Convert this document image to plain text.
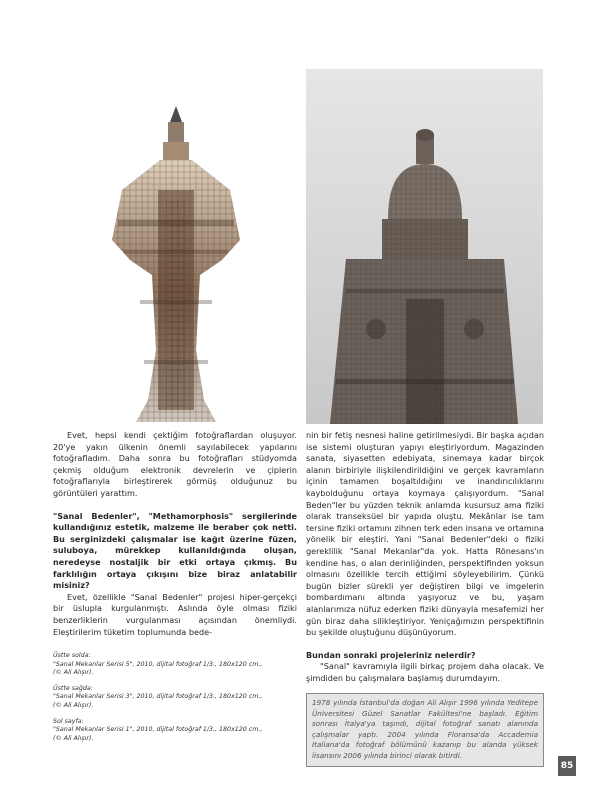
Evet, hepsi kendi çektiğim fotoğraflardan oluşuyor. 20'ye yakın ülkenin önemli sayılabilecek yapılarını fotoğrafladım. Daha sonra bu fotoğrafları stüdyomda çekmiş olduğum elektronik devrelerin ve çiplerin fotoğraflarıyla birleştirerek görmüş olduğunuz bu görüntüleri yarattım.

"Sanal Bedenler", "Methamorphosis" sergilerinde kullandığınız estetik, malzeme ile beraber çok netti. Bu serginizdeki çalışmalar ise kağıt üzerine füzen, suluboya, mürekkep kullanıldığında oluşan, neredeyse nostaljik bir etki ortaya çıkmış. Bu farklılığın ortaya çıkışını bize biraz anlatabilir misiniz?

Evet, özellikle "Sanal Bedenler" projesi hiper-gerçekçi bir üslupla kurgulanmıştı. Aslında öyle olması fiziki benzerliklerin vurgulanması açısından önemliydi. Eleştirilerim tüketim toplumunda bede-

Üstte solda:
"Sanal Mekanlar Serisi 5", 2010, dijital fotoğraf 1/3., 180x120 cm.,
(© Ali Alışır).
Üstte sağda:
"Sanal Mekanlar Serisi 3", 2010, dijital fotoğraf 1/3., 180x120 cm.,
(© Ali Alışır).
Sol sayfa:
"Sanal Mekanlar Serisi 1", 2010, dijital fotoğraf 1/3., 180x120 cm.,
(© Ali Alışır).

nin bir fetiş nesnesi haline getirilmesiydi. Bir başka açıdan ise sistemi oluşturan yapıyı eleştiriyordum. Magazinden sanata, siyasetten edebiyata, sinemaya kadar birçok alanın birbiriyle ilişkilendirildiğini ve gerçek kavramların içinin tamamen boşaltıldığını ve inandırıcılıklarını kaybolduğunu ortaya koymaya çalışıyordum. "Sanal Beden"ler bu yüzden teknik anlamda kusursuz ama fiziki olarak transeksüel bir yapıda oluştu. Mekânlar ise tam tersine fiziki ortamını zihnen terk eden insana ve ortamına yönelik bir eleştiri. Yani "Sanal Bedenler"deki o fiziki gereklilik "Sanal Mekanlar"da yok. Hatta Rönesans'ın kendine has, o alan derinliğinden, perspektifinden yoksun olmasını özellikle tercih ettiğimi söyleyebilirim. Çünkü bugün bizler sürekli yer değiştiren bilgi ve imgelerin bombardımanı altında yaşıyoruz ve bu, yaşam alanlarımıza nüfuz ederken fiziki dünyayla mesafemizi her gün biraz daha silikleştiriyor. Yeniçağımızın perspektifinin bu şekilde oluştuğunu düşünüyorum.

Bundan sonraki projeleriniz nelerdir?

"Sanal" kavramıyla ilgili birkaç projem daha olacak. Ve şimdiden bu çalışmalara başlamış durumdayım.

1978 yılında İstanbul'da doğan Ali Alışır 1996 yılında Yeditepe Üniversitesi Güzel Sanatlar Fakültesi'ne başladı. Eğitim sonrası İtalya'ya taşındı, dijital fotoğraf sanatı alanında çalışmalar yaptı. 2004 yılında Floransa'da Accademia Italiana'da fotoğraf bölümünü kazanıp bu alanda yüksek lisansını 2006 yılında birinci olarak bitirdi.
85
